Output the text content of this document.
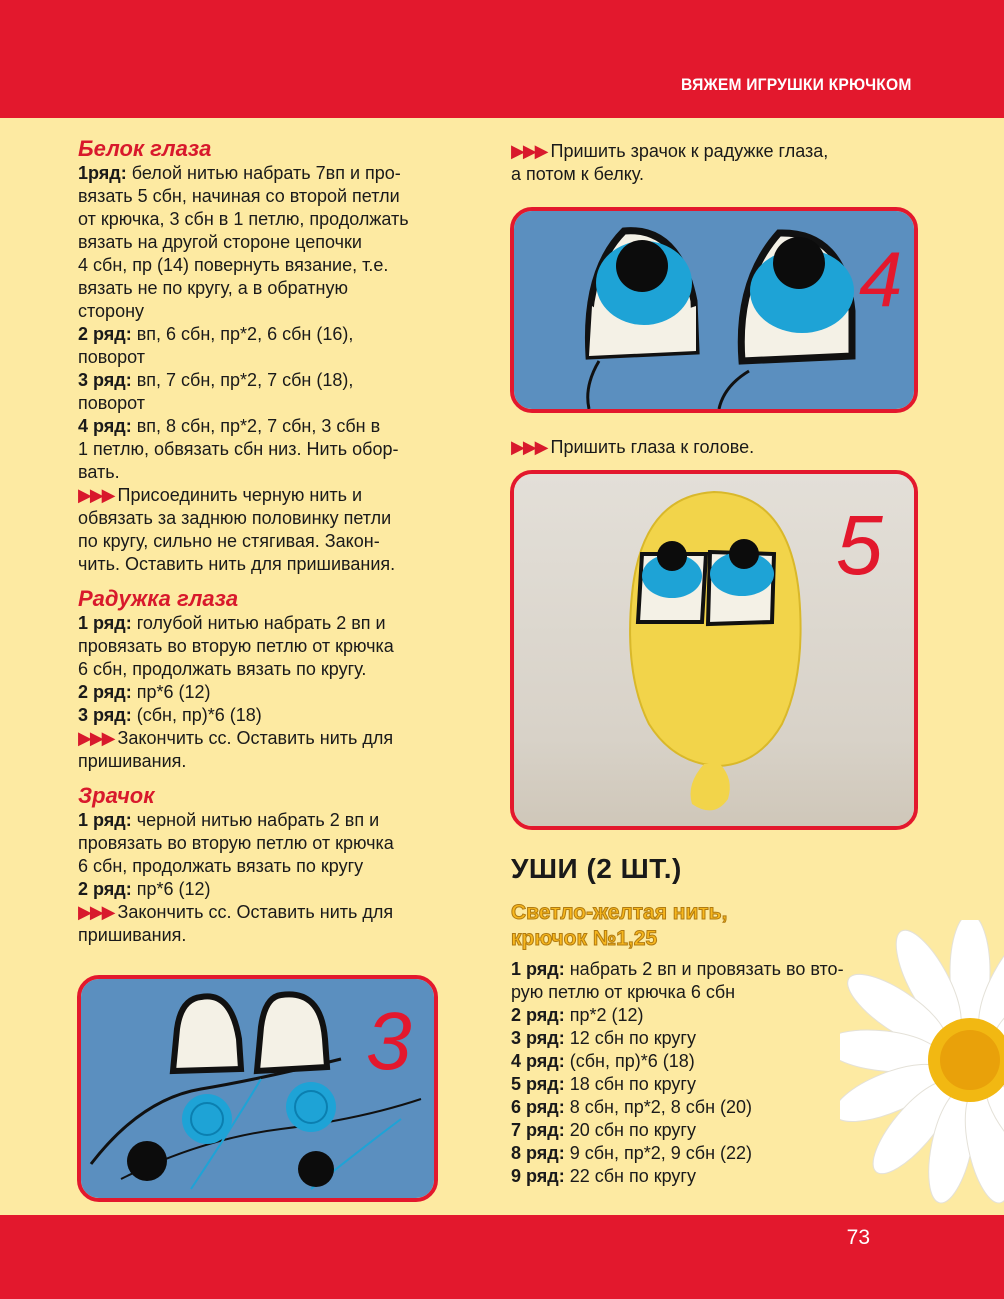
ВЯЖЕМ ИГРУШКИ КРЮЧКОМ
Белок глаза
1ряд: белой нитью набрать 7вп и про-
вязать 5 сбн, начиная со второй петли
от крючка, 3 сбн в 1 петлю, продолжать
вязать на другой стороне цепочки
4 сбн, пр (14) повернуть вязание, т.е.
вязать не по кругу, а в обратную
сторону
2 ряд: вп, 6 сбн, пр*2, 6 сбн (16),
поворот
3 ряд: вп, 7 сбн, пр*2, 7 сбн (18),
поворот
4 ряд: вп, 8 сбн, пр*2, 7 сбн, 3 сбн в
1 петлю, обвязать сбн низ. Нить обор-
вать.
▶▶▶ Присоединить черную нить и
обвязать за заднюю половинку петли
по кругу, сильно не стягивая. Закон-
чить. Оставить нить для пришивания.
Радужка глаза
1 ряд: голубой нитью набрать 2 вп и
провязать во вторую петлю от крючка
6 сбн, продолжать вязать по кругу.
2 ряд: пр*6 (12)
3 ряд: (сбн, пр)*6 (18)
▶▶▶ Закончить сс. Оставить нить для
пришивания.
Зрачок
1 ряд: черной нитью набрать 2 вп и
провязать во вторую петлю от крючка
6 сбн, продолжать вязать по кругу
2 ряд: пр*6 (12)
▶▶▶ Закончить сс. Оставить нить для
пришивания.
3
▶▶▶ Пришить зрачок к радужке глаза,
а потом к белку.
4
▶▶▶ Пришить глаза к голове.
5
УШИ (2 ШТ.)
Светло-желтая нить,
крючок №1,25
1 ряд: набрать 2 вп и провязать во вто-
рую петлю от крючка 6 сбн
2 ряд: пр*2 (12)
3 ряд: 12 сбн по кругу
4 ряд: (сбн, пр)*6 (18)
5 ряд: 18 сбн по кругу
6 ряд: 8 сбн, пр*2, 8 сбн (20)
7 ряд: 20 сбн по кругу
8 ряд: 9 сбн, пр*2, 9 сбн (22)
9 ряд: 22 сбн по кругу
73
